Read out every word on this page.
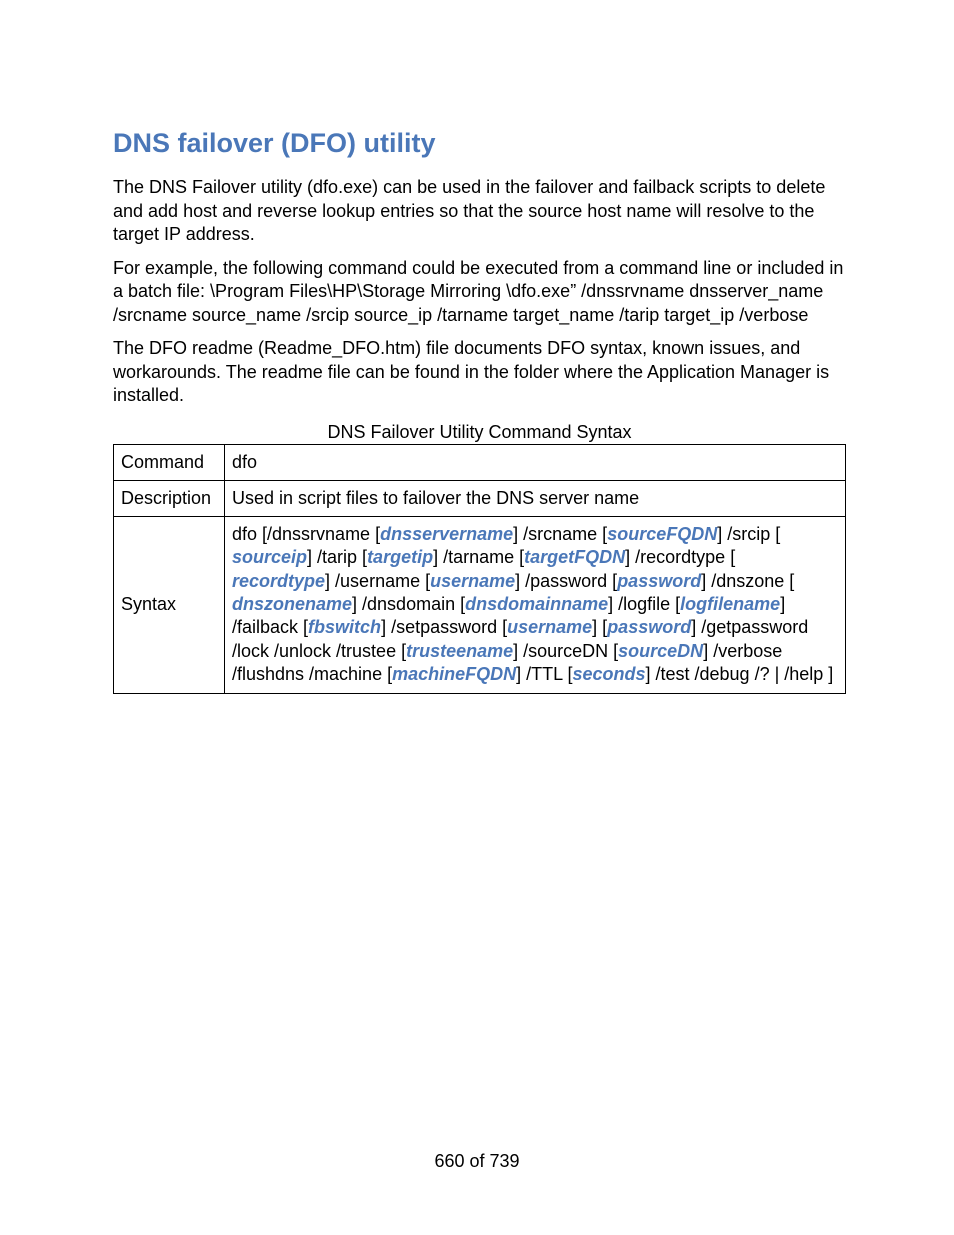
DNS failover (DFO) utility

The DNS Failover utility (dfo.exe) can be used in the failover and failback scripts to delete and add host and reverse lookup entries so that the source host name will resolve to the target IP address.

For example, the following command could be executed from a command line or included in a batch file: \Program Files\HP\Storage Mirroring \dfo.exe” /dnssrvname dnsserver_name /srcname source_name /srcip source_ip /tarname target_name /tarip target_ip /verbose

The DFO readme (Readme_DFO.htm) file documents DFO syntax, known issues, and workarounds. The readme file can be found in the folder where the Application Manager is installed.

DNS Failover Utility Command Syntax
Command	dfo
Description	Used in script files to failover the DNS server name
Syntax	dfo [/dnssrvname [dnsservername] /srcname [sourceFQDN] /srcip [ sourceip] /tarip [targetip] /tarname [targetFQDN] /recordtype [ recordtype] /username [username] /password [password] /dnszone [ dnszonename] /dnsdomain [dnsdomainname] /logfile [logfilename] /failback [fbswitch] /setpassword [username] [password] /getpassword /lock /unlock /trustee [trusteename] /sourceDN [sourceDN] /verbose /flushdns /machine [machineFQDN] /TTL [seconds] /test /debug /? | /help ]
660 of 739
